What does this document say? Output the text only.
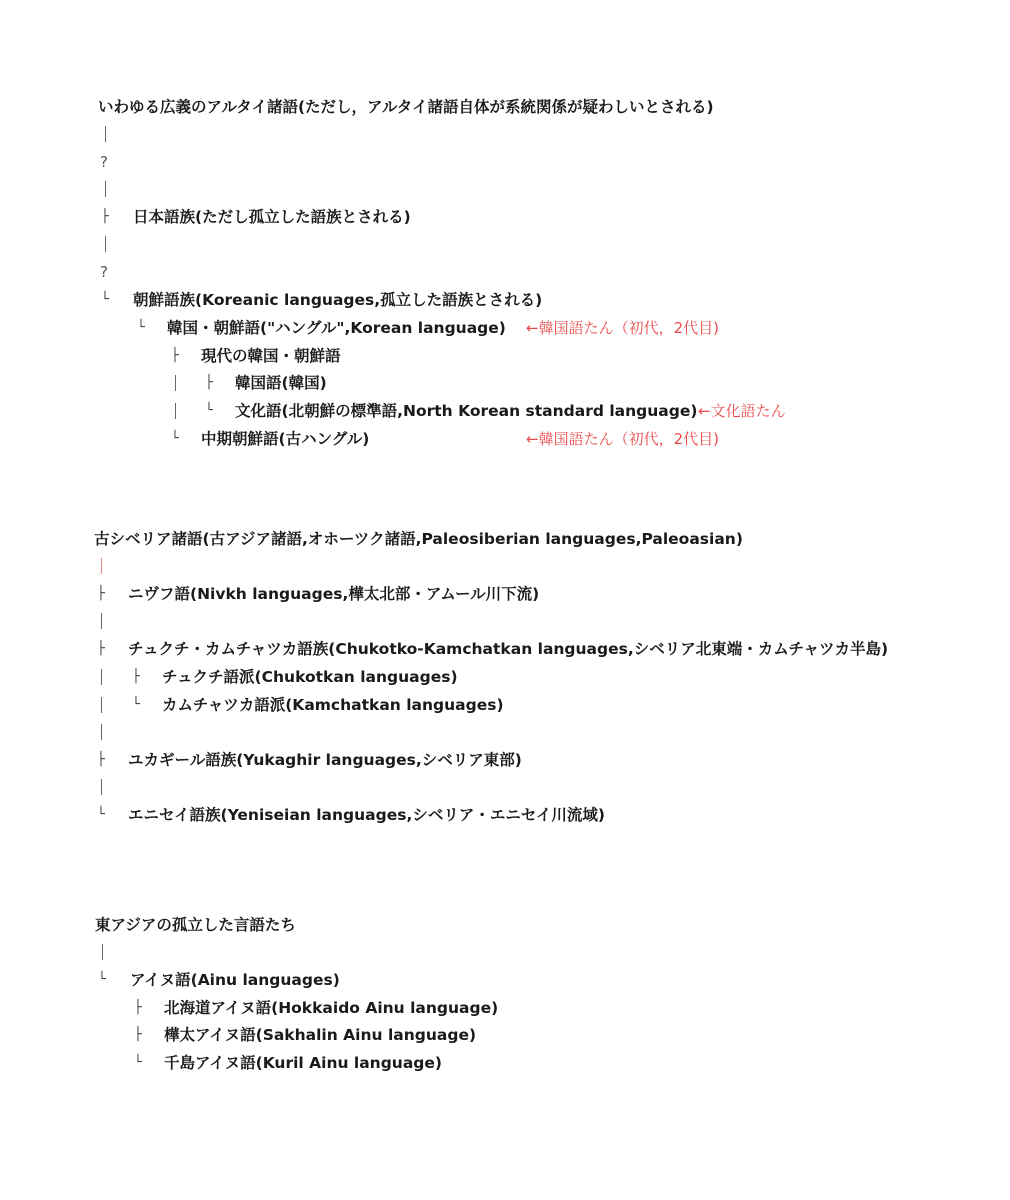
いわゆる広義のアルタイ諸語(ただし，アルタイ諸語自体が系統関係が疑わしいとされる)
?
├ 日本語族(ただし孤立した語族とされる)
?
└ 朝鮮語族(Koreanic languages,孤立した語族とされる)
└ 韓国・朝鮮語("ハングル",Korean language) ←韓国語たん（初代，2代目)
├ 現代の韓国・朝鮮語
├ 韓国語(韓国)
└ 文化語(北朝鮮の標準語,North Korean standard language) ←文化語たん
└ 中期朝鮮語(古ハングル)	←韓国語たん（初代，2代目)
古シベリア諸語(古アジア諸語,オホーツク諸語,Paleosiberian languages,Paleoasian)
├ ニヴフ語(Nivkh languages,樺太北部・アムール川下流)
├ チュクチ・カムチャツカ語族(Chukotko-Kamchatkan languages,シベリア北東端・カムチャツカ半島)
├ チュクチ語派(Chukotkan languages)
└ カムチャツカ語派(Kamchatkan languages)
├ ユカギール語族(Yukaghir languages,シベリア東部)
└ エニセイ語族(Yeniseian languages,シベリア・エニセイ川流域)
東アジアの孤立した言語たち
└ アイヌ語(Ainu languages)
├ 北海道アイヌ語(Hokkaido Ainu language)
├ 樺太アイヌ語(Sakhalin Ainu language)
└ 千島アイヌ語(Kuril Ainu language)
